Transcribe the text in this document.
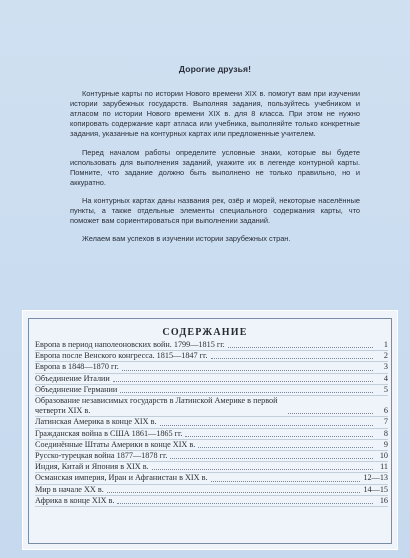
Дорогие друзья!

Контурные карты по истории Нового времени XIX в. помогут вам при изучении истории зарубежных государств. Выполняя задания, пользуйтесь учебником и атласом по истории Нового времени XIX в. для 8 класса. При этом не нужно копировать содержание карт атласа или учебника, выполняйте только конкретные задания, указанные на контурных картах или предложенные учителем.

Перед началом работы определите условные знаки, которые вы будете использовать для выполнения заданий, укажите их в легенде контурной карты. Помните, что задание должно быть выполнено не только правильно, но и аккуратно.

На контурных картах даны названия рек, озёр и морей, некоторые населённые пункты, а также отдельные элементы специального содержания карты, что поможет вам сориентироваться при выполнении заданий.

Желаем вам успехов в изучении истории зарубежных стран.

СОДЕРЖАНИЕ
Европа в период наполеоновских войн. 1799—1815 гг.	1
Европа после Венского конгресса. 1815—1847 гг.	2
Европа в 1848—1870 гг.	3
Объединение Италии	4
Объединение Германии	5
Образование независимых государств в Латинской Америке в первой четверти XIX в.	6
Латинская Америка в конце XIX в.	7
Гражданская война в США 1861—1865 гг.	8
Соединённые Штаты Америки в конце XIX в.	9
Русско-турецкая война 1877—1878 гг.	10
Индия, Китай и Япония в XIX в.	11
Османская империя, Иран и Афганистан в XIX в.	12—13
Мир в начале XX в.	14—15
Африка в конце XIX в.	16
